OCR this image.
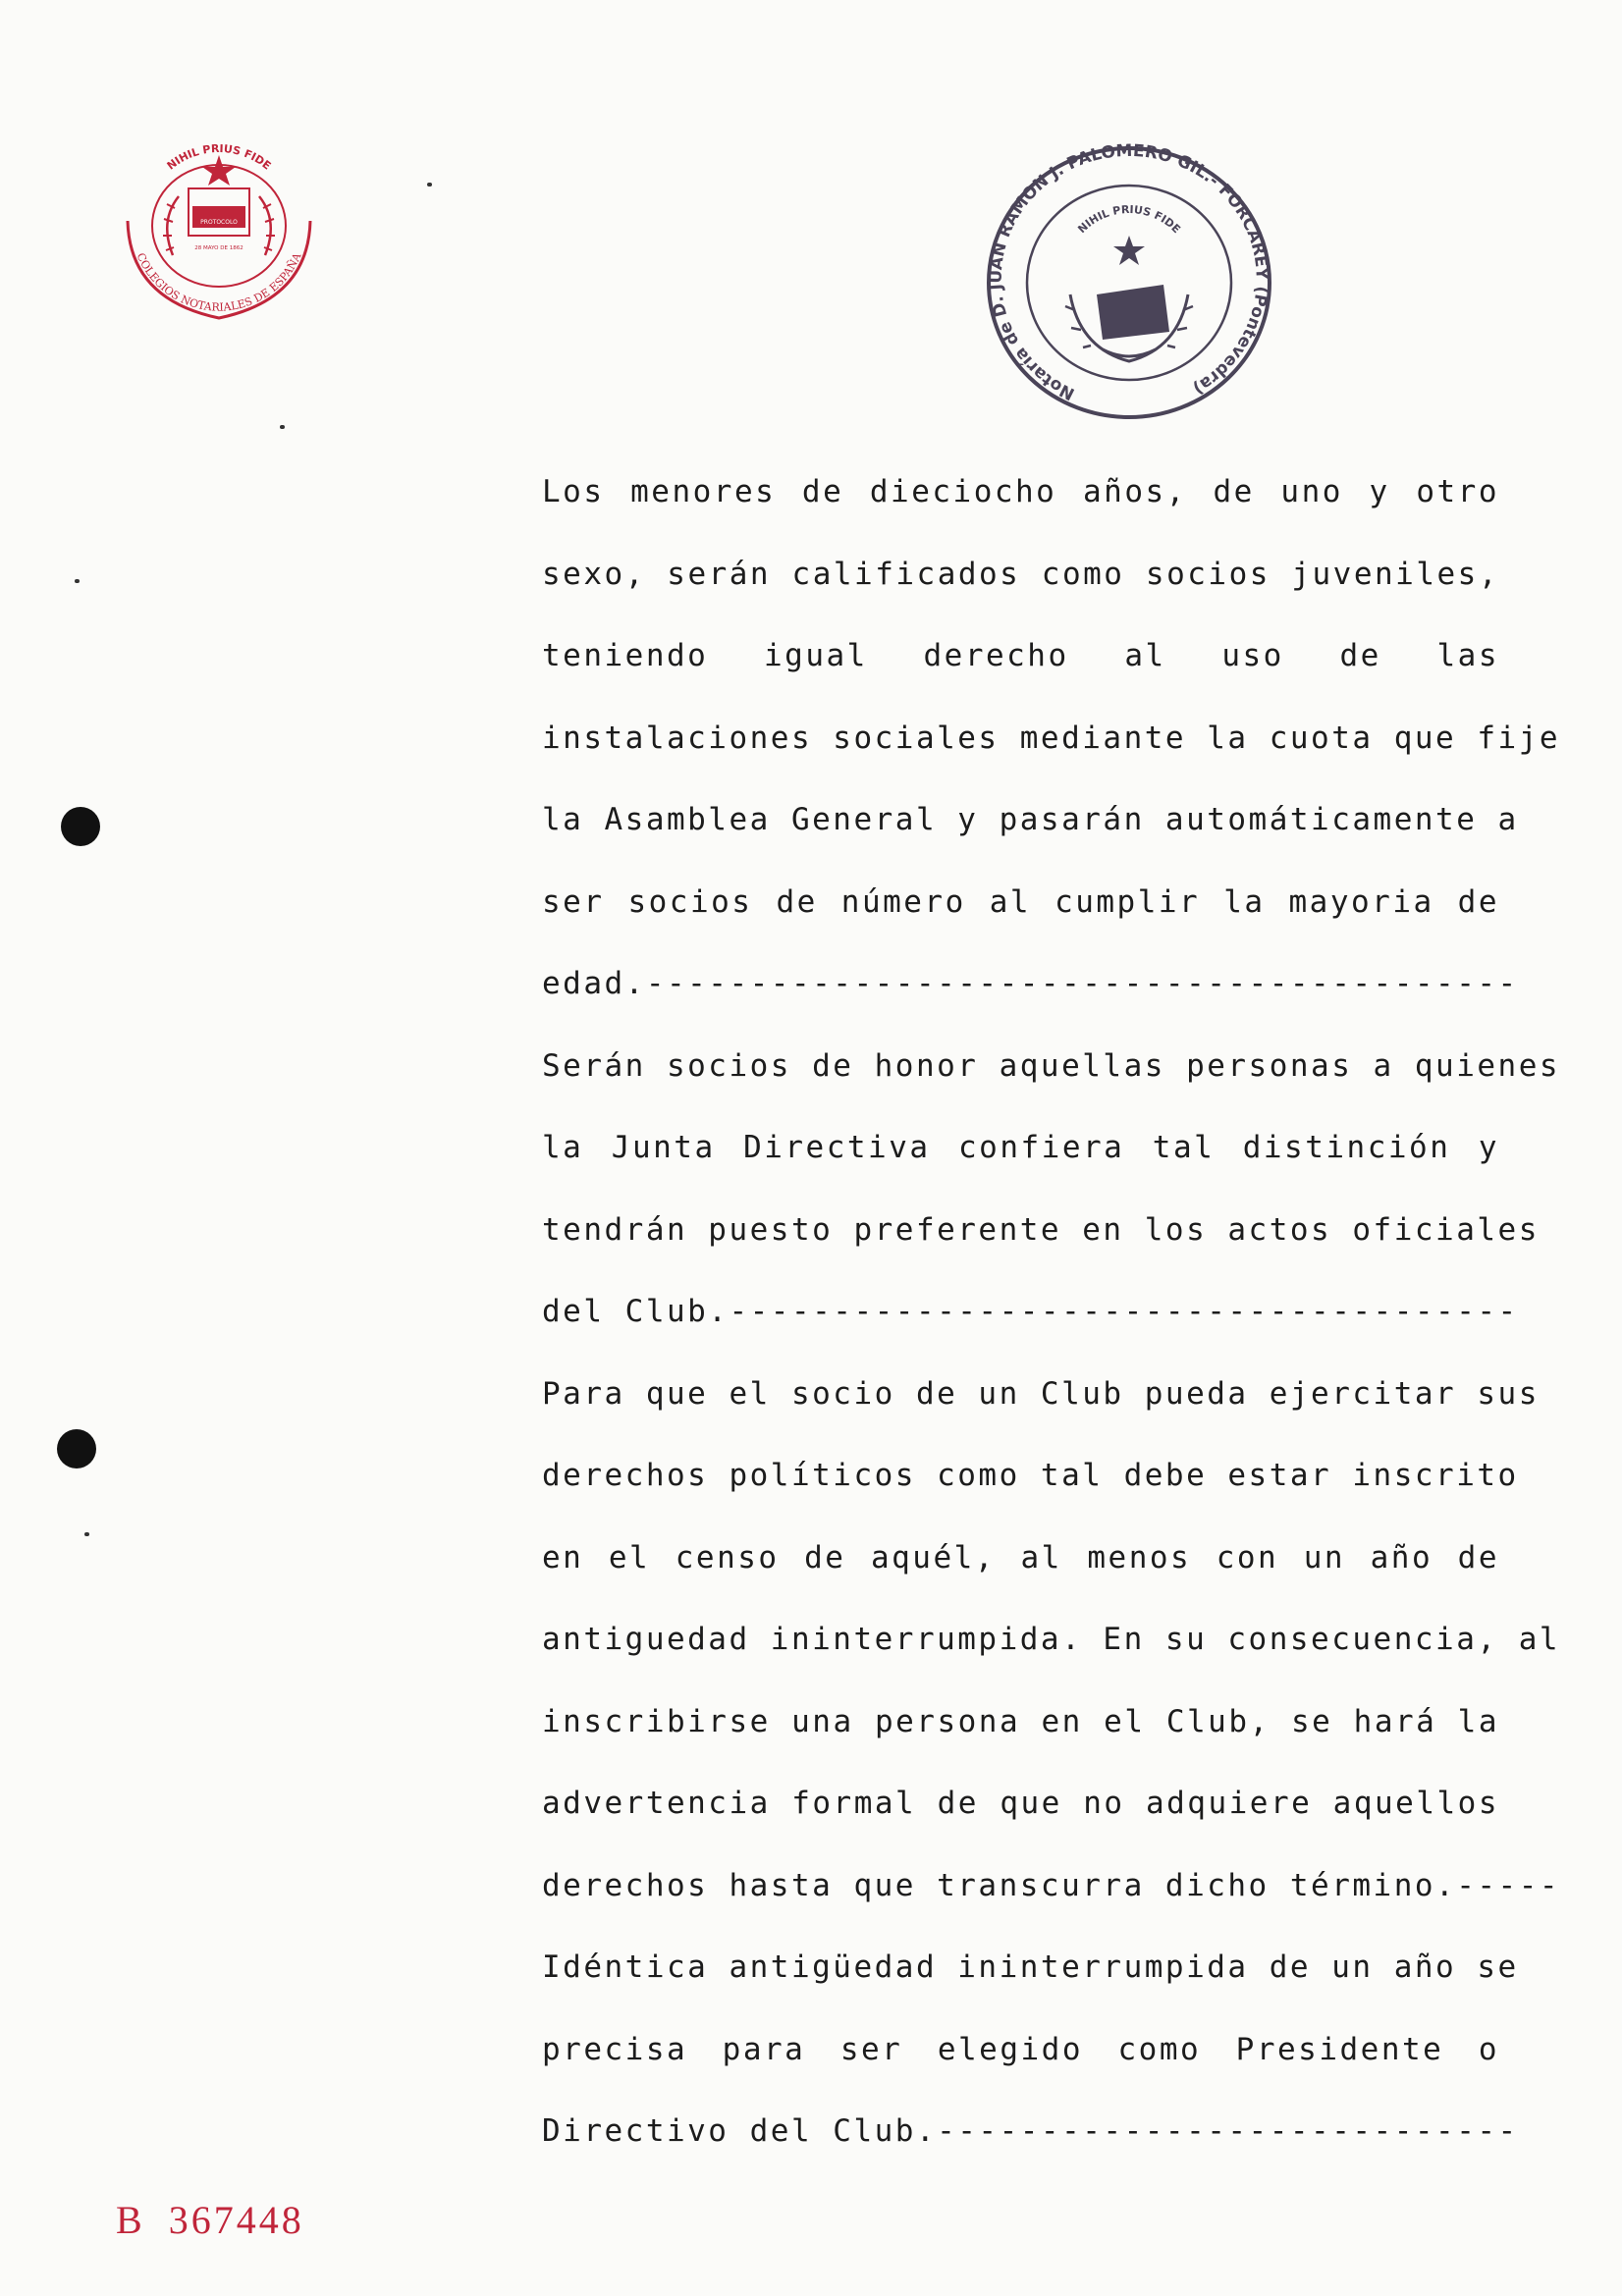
NIHIL PRIUS FIDE
COLEGIOS NOTARIALES DE ESPAÑA
PROTOCOLO
28 MAYO DE 1862
Notaría de D. JUAN RAMON J. PALOMERO GIL.- FORCAREY (Pontevedra)
NIHIL PRIUS FIDE

Los menores de dieciocho años, de uno y otro

sexo, serán calificados como socios juveniles,

teniendo igual derecho al uso de las

instalaciones sociales mediante la cuota que fije

la Asamblea General y pasarán automáticamente a

ser socios de número al cumplir la mayoria de

edad.------------------------------------------

Serán socios de honor aquellas personas a quienes

la Junta Directiva confiera tal distinción y

tendrán puesto preferente en los actos oficiales

del Club.--------------------------------------

Para que el socio de un Club pueda ejercitar sus

derechos políticos como tal debe estar inscrito

en el censo de aquél, al menos con un año de

antiguedad ininterrumpida. En su consecuencia, al

inscribirse una persona en el Club, se hará la

advertencia formal de que no adquiere aquellos

derechos hasta que transcurra dicho término.-----

Idéntica antigüedad ininterrumpida de un año se

precisa para ser elegido como Presidente o

Directivo del Club.----------------------------

B 367448
